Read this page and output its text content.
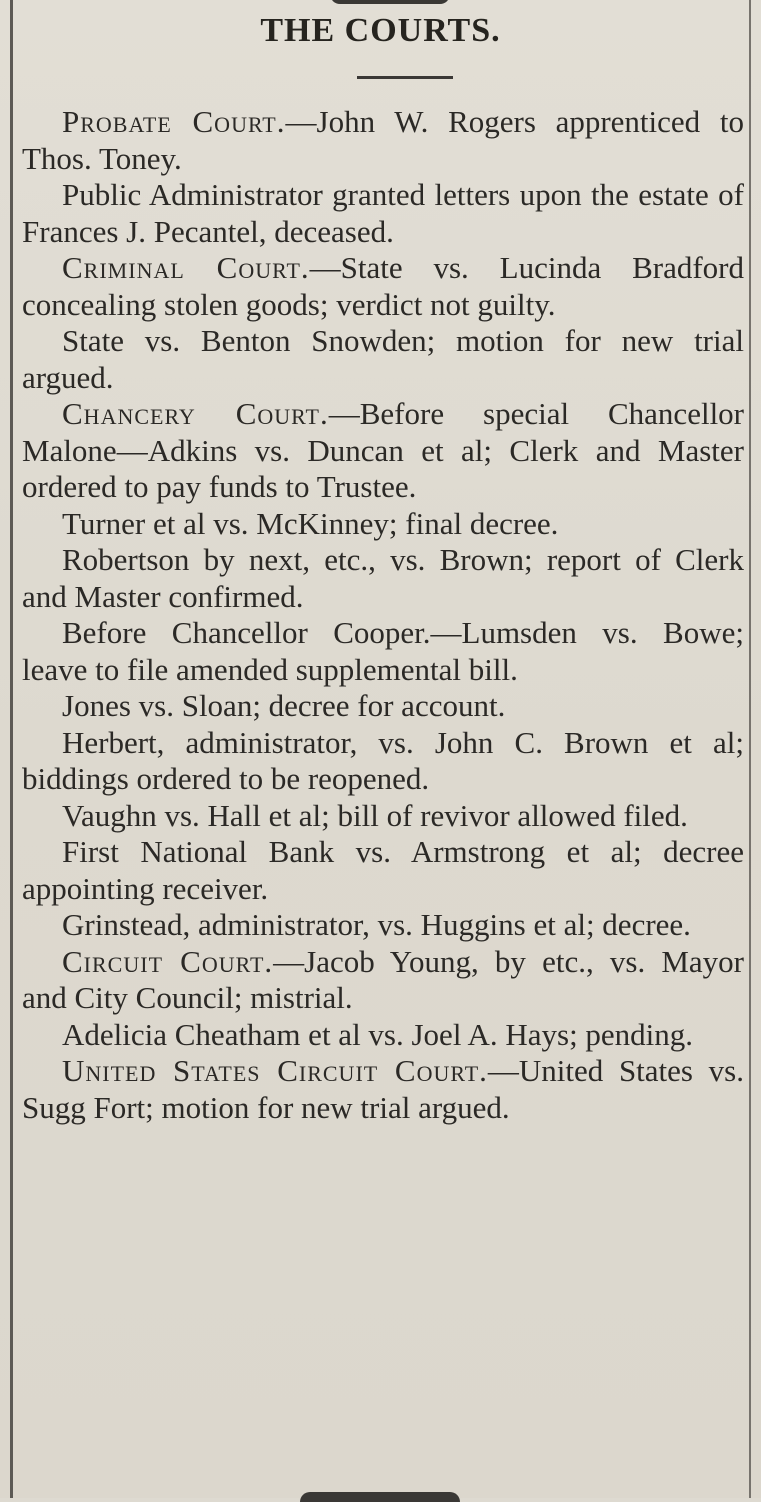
THE COURTS.

Probate Court.—John W. Rogers apprenticed to Thos. Toney.

Public Administrator granted letters upon the estate of Frances J. Pecantel, deceased.

Criminal Court.—State vs. Lucinda Bradford concealing stolen goods; verdict not guilty.

State vs. Benton Snowden; motion for new trial argued.

Chancery Court.—Before special Chancellor Malone—Adkins vs. Duncan et al; Clerk and Master ordered to pay funds to Trustee.

Turner et al vs. McKinney; final decree.

Robertson by next, etc., vs. Brown; report of Clerk and Master confirmed.

Before Chancellor Cooper.—Lumsden vs. Bowe; leave to file amended supplemental bill.

Jones vs. Sloan; decree for account.

Herbert, administrator, vs. John C. Brown et al; biddings ordered to be reopened.

Vaughn vs. Hall et al; bill of revivor allowed filed.

First National Bank vs. Armstrong et al; decree appointing receiver.

Grinstead, administrator, vs. Huggins et al; decree.

Circuit Court.—Jacob Young, by etc., vs. Mayor and City Council; mistrial.

Adelicia Cheatham et al vs. Joel A. Hays; pending.

United States Circuit Court.—United States vs. Sugg Fort; motion for new trial argued.
